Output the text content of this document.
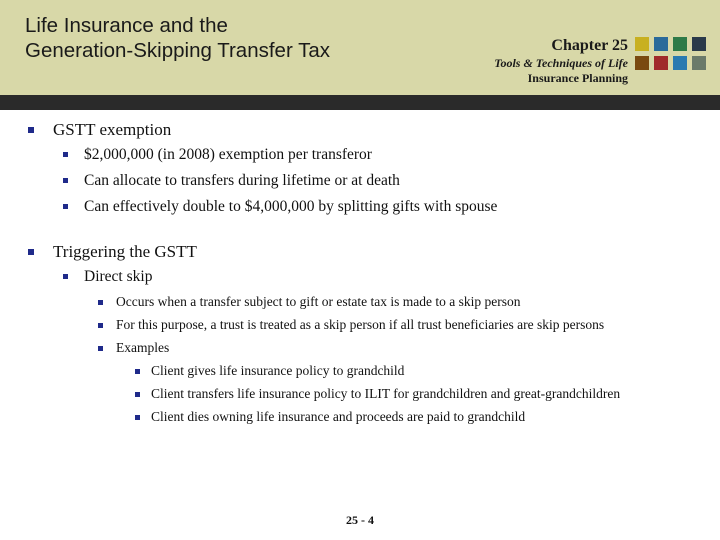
Life Insurance and the
Generation-Skipping Transfer Tax	Chapter 25
Tools & Techniques of Life
Insurance Planning
GSTT exemption
$2,000,000 (in 2008) exemption per transferor
Can allocate to transfers during lifetime or at death
Can effectively double to $4,000,000 by splitting gifts with spouse
Triggering the GSTT
Direct skip
Occurs when a transfer subject to gift or estate tax is made to a skip person
For this purpose, a trust is treated as a skip person if all trust beneficiaries are skip persons
Examples
Client gives life insurance policy to grandchild
Client transfers life insurance policy to ILIT for grandchildren and great-grandchildren
Client dies owning life insurance and proceeds are paid to grandchild
25 - 4
